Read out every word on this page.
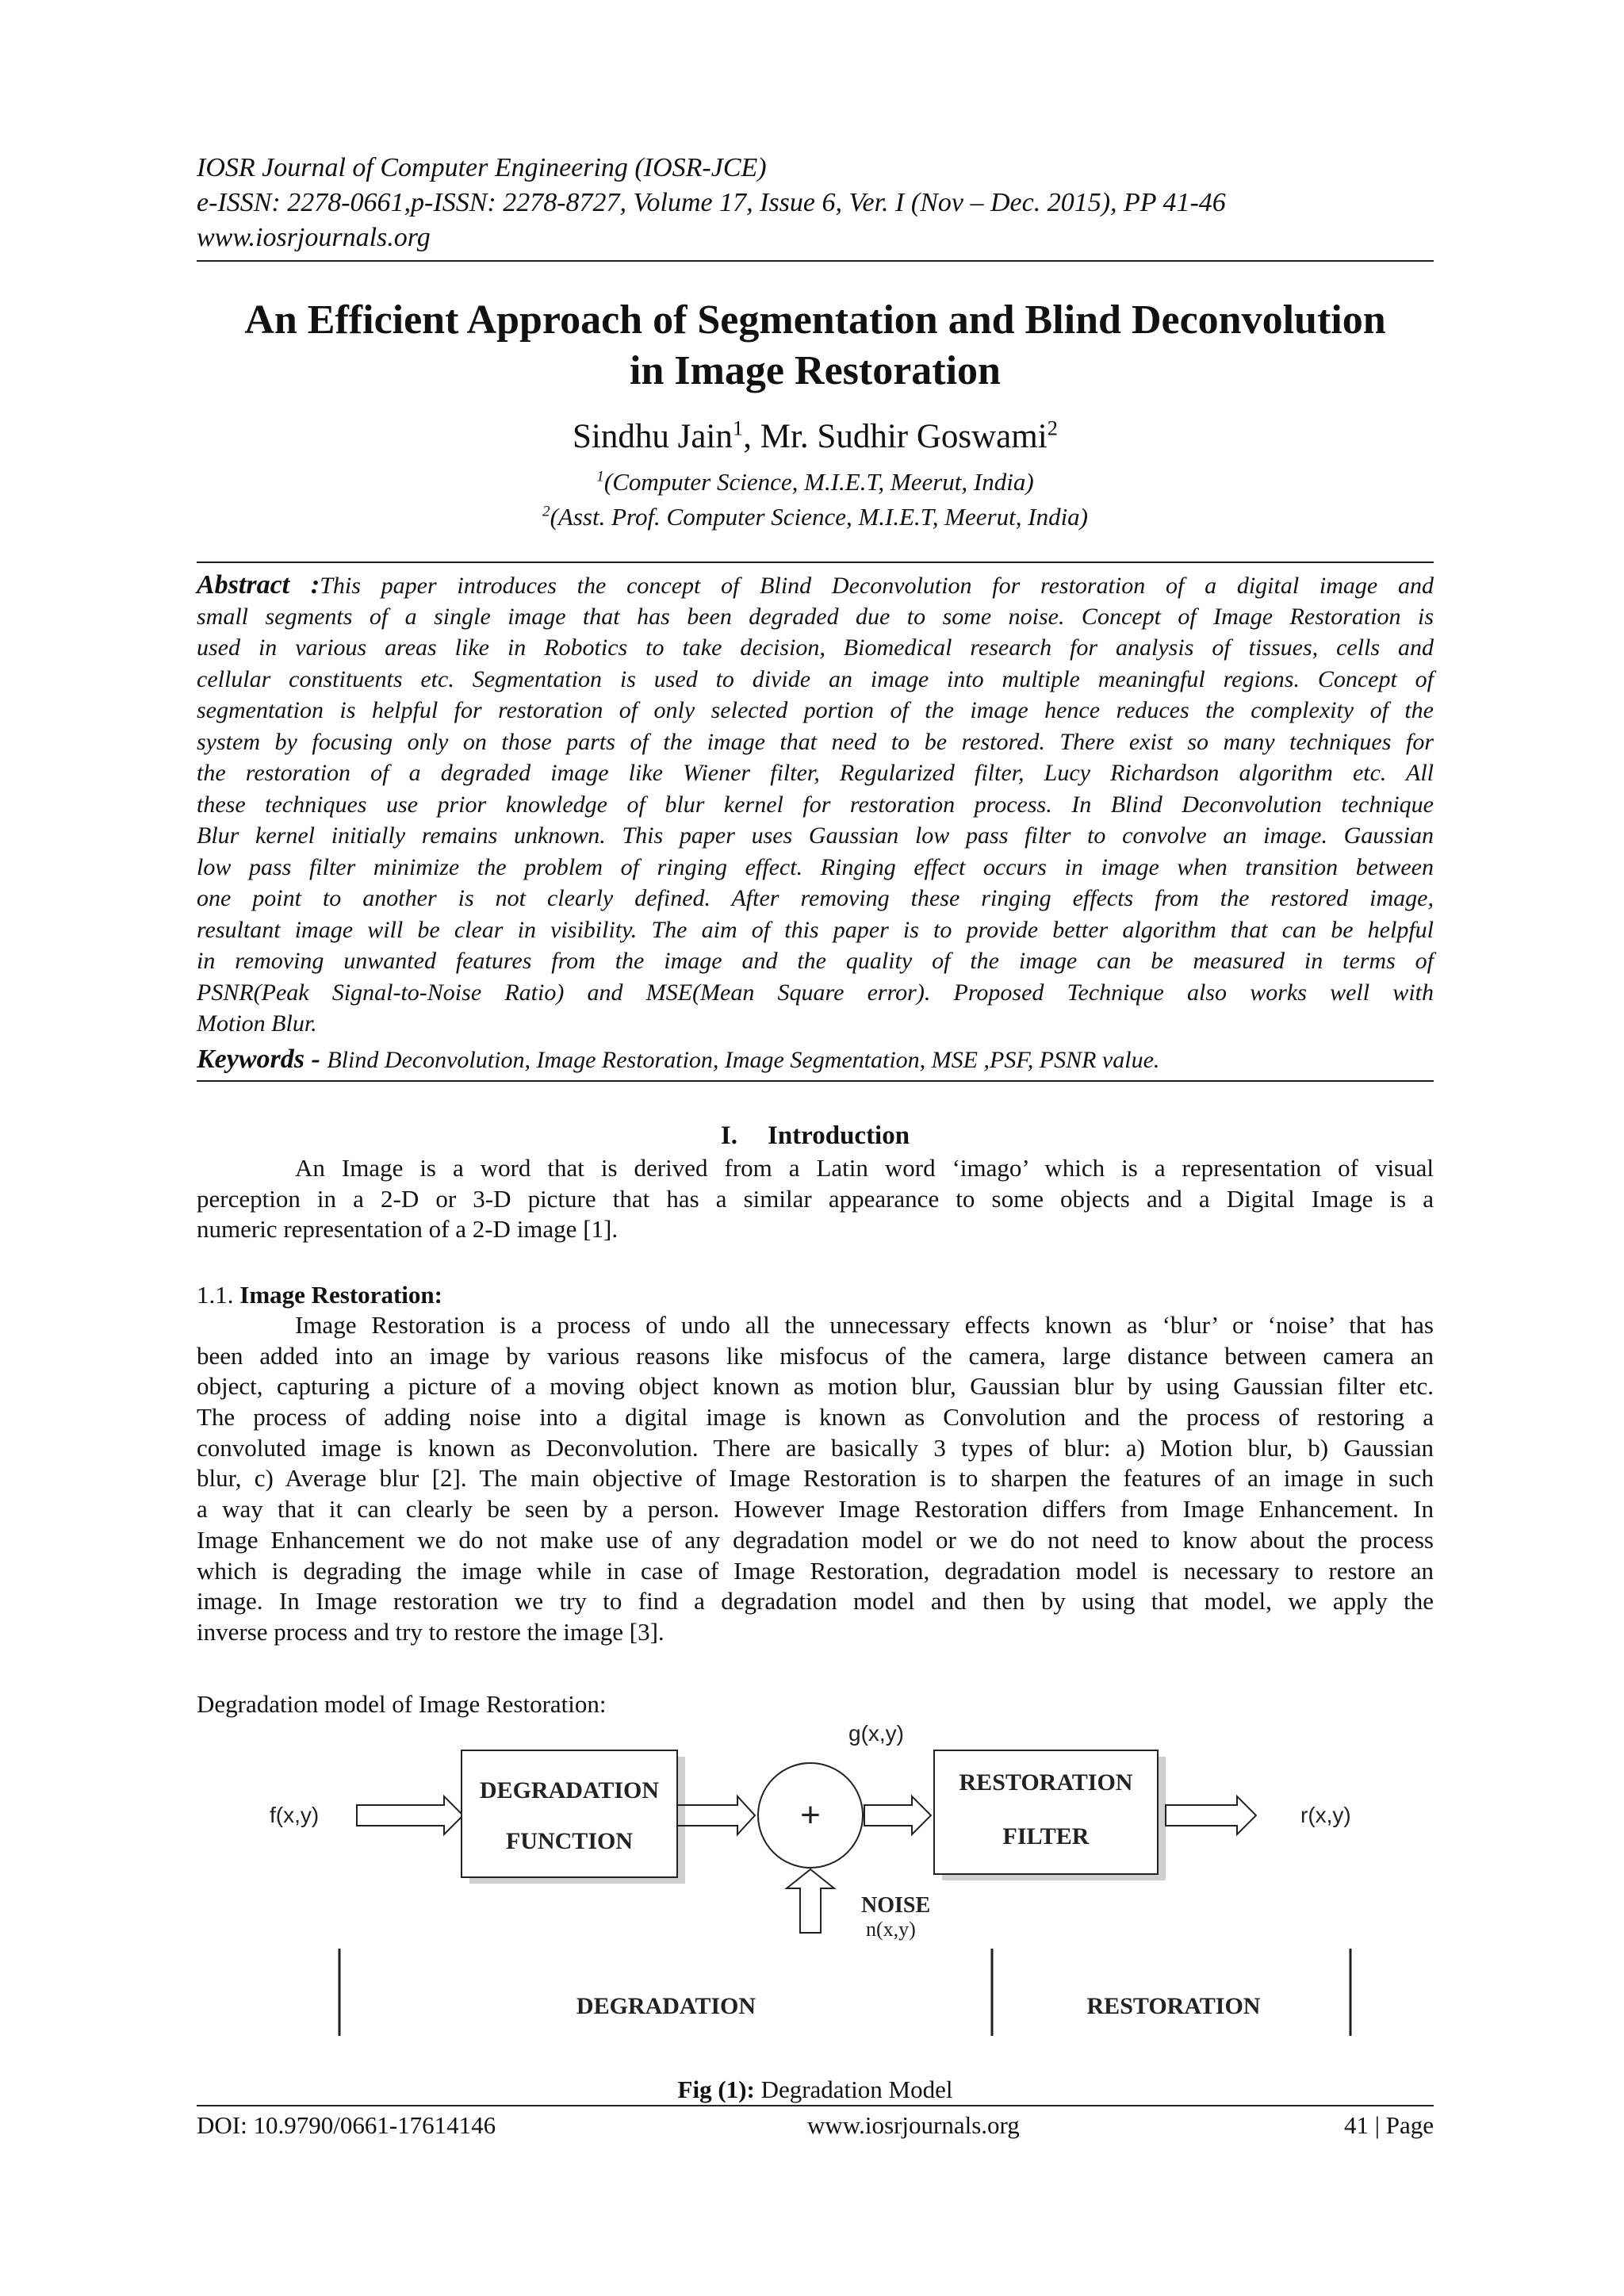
IOSR Journal of Computer Engineering (IOSR-JCE)
e-ISSN: 2278-0661,p-ISSN: 2278-8727, Volume 17, Issue 6, Ver. I (Nov – Dec. 2015), PP 41-46
www.iosrjournals.org
An Efficient Approach of Segmentation and Blind Deconvolution
in Image Restoration
Sindhu Jain$^1$, Mr. Sudhir Goswami$^2$
$^1$(Computer Science, M.I.E.T, Meerut, India)
$^2$(Asst. Prof. Computer Science, M.I.E.T, Meerut, India)
Abstract :This paper introduces the concept of Blind Deconvolution for restoration of a digital image and
small segments of a single image that has been degraded due to some noise. Concept of Image Restoration is
used in various areas like in Robotics to take decision, Biomedical research for analysis of tissues, cells and
cellular constituents etc. Segmentation is used to divide an image into multiple meaningful regions. Concept of
segmentation is helpful for restoration of only selected portion of the image hence reduces the complexity of the
system by focusing only on those parts of the image that need to be restored. There exist so many techniques for
the restoration of a degraded image like Wiener filter, Regularized filter, Lucy Richardson algorithm etc. All
these techniques use prior knowledge of blur kernel for restoration process. In Blind Deconvolution technique
Blur kernel initially remains unknown. This paper uses Gaussian low pass filter to convolve an image. Gaussian
low pass filter minimize the problem of ringing effect. Ringing effect occurs in image when transition between
one point to another is not clearly defined. After removing these ringing effects from the restored image,
resultant image will be clear in visibility. The aim of this paper is to provide better algorithm that can be helpful
in removing unwanted features from the image and the quality of the image can be measured in terms of
PSNR(Peak Signal-to-Noise Ratio) and MSE(Mean Square error). Proposed Technique also works well with
Motion Blur.
Keywords - Blind Deconvolution, Image Restoration, Image Segmentation, MSE ,PSF, PSNR value.
I. Introduction
An Image is a word that is derived from a Latin word ‘imago’ which is a representation of visual
perception in a 2-D or 3-D picture that has a similar appearance to some objects and a Digital Image is a
numeric representation of a 2-D image [1].
1.1. Image Restoration:
Image Restoration is a process of undo all the unnecessary effects known as ‘blur’ or ‘noise’ that has
been added into an image by various reasons like misfocus of the camera, large distance between camera an
object, capturing a picture of a moving object known as motion blur, Gaussian blur by using Gaussian filter etc.
The process of adding noise into a digital image is known as Convolution and the process of restoring a
convoluted image is known as Deconvolution. There are basically 3 types of blur: a) Motion blur, b) Gaussian
blur, c) Average blur [2]. The main objective of Image Restoration is to sharpen the features of an image in such
a way that it can clearly be seen by a person. However Image Restoration differs from Image Enhancement. In
Image Enhancement we do not make use of any degradation model or we do not need to know about the process
which is degrading the image while in case of Image Restoration, degradation model is necessary to restore an
image. In Image restoration we try to find a degradation model and then by using that model, we apply the
inverse process and try to restore the image [3].
Degradation model of Image Restoration:
f(x,y)
DEGRADATION
FUNCTION
+
g(x,y)
RESTORATION
FILTER
r(x,y)
NOISE
n(x,y)
DEGRADATION	RESTORATION
Fig (1): Degradation Model
DOI: 10.9790/0661-17614146	www.iosrjournals.org	41 | Page
